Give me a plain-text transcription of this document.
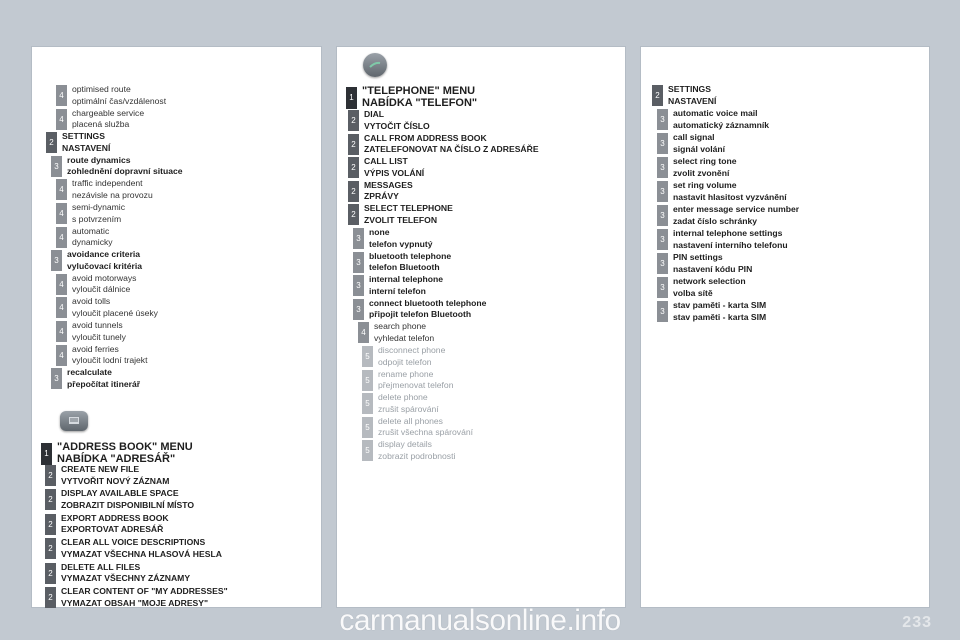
4
optimised route
optimální čas/vzdálenost
4
chargeable service
placená služba
2
SETTINGS
NASTAVENÍ
3
route dynamics
zohlednění dopravní situace
4
traffic independent
nezávisle na provozu
4
semi-dynamic
s potvrzením
4
automatic
dynamicky
3
avoidance criteria
vylučovací kritéria
4
avoid motorways
vyloučit dálnice
4
avoid tolls
vyloučit placené úseky
4
avoid tunnels
vyloučit tunely
4
avoid ferries
vyloučit lodní trajekt
3
recalculate
přepočítat itinerář
1
"ADDRESS BOOK" MENU
NABÍDKA "ADRESÁŘ"
2
CREATE NEW FILE
VYTVOŘIT NOVÝ ZÁZNAM
2
DISPLAY AVAILABLE SPACE
ZOBRAZIT DISPONIBILNÍ MÍSTO
2
EXPORT ADDRESS BOOK
EXPORTOVAT ADRESÁŘ
2
CLEAR ALL VOICE DESCRIPTIONS
VYMAZAT VŠECHNA HLASOVÁ HESLA
2
DELETE ALL FILES
VYMAZAT VŠECHNY ZÁZNAMY
2
CLEAR CONTENT OF "MY ADDRESSES"
VYMAZAT OBSAH "MOJE ADRESY"
1
"TELEPHONE" MENU
NABÍDKA "TELEFON"
2
DIAL
VYTOČIT ČÍSLO
2
CALL FROM ADDRESS BOOK
ZATELEFONOVAT NA ČÍSLO Z ADRESÁŘE
2
CALL LIST
VÝPIS VOLÁNÍ
2
MESSAGES
ZPRÁVY
2
SELECT TELEPHONE
ZVOLIT TELEFON
3
none
telefon vypnutý
3
bluetooth telephone
telefon Bluetooth
3
internal telephone
interní telefon
3
connect bluetooth telephone
připojit telefon Bluetooth
4
search phone
vyhledat telefon
5
disconnect phone
odpojit telefon
5
rename phone
přejmenovat telefon
5
delete phone
zrušit spárování
5
delete all phones
zrušit všechna spárování
5
display details
zobrazit podrobnosti
2
SETTINGS
NASTAVENÍ
3
automatic voice mail
automatický záznamník
3
call signal
signál volání
3
select ring tone
zvolit zvonění
3
set ring volume
nastavit hlasitost vyzvánění
3
enter message service number
zadat číslo schránky
3
internal telephone settings
nastavení interního telefonu
3
PIN settings
nastavení kódu PIN
3
network selection
volba sítě
3
stav paměti - karta SIM
stav paměti - karta SIM
233
carmanualsonline.info
